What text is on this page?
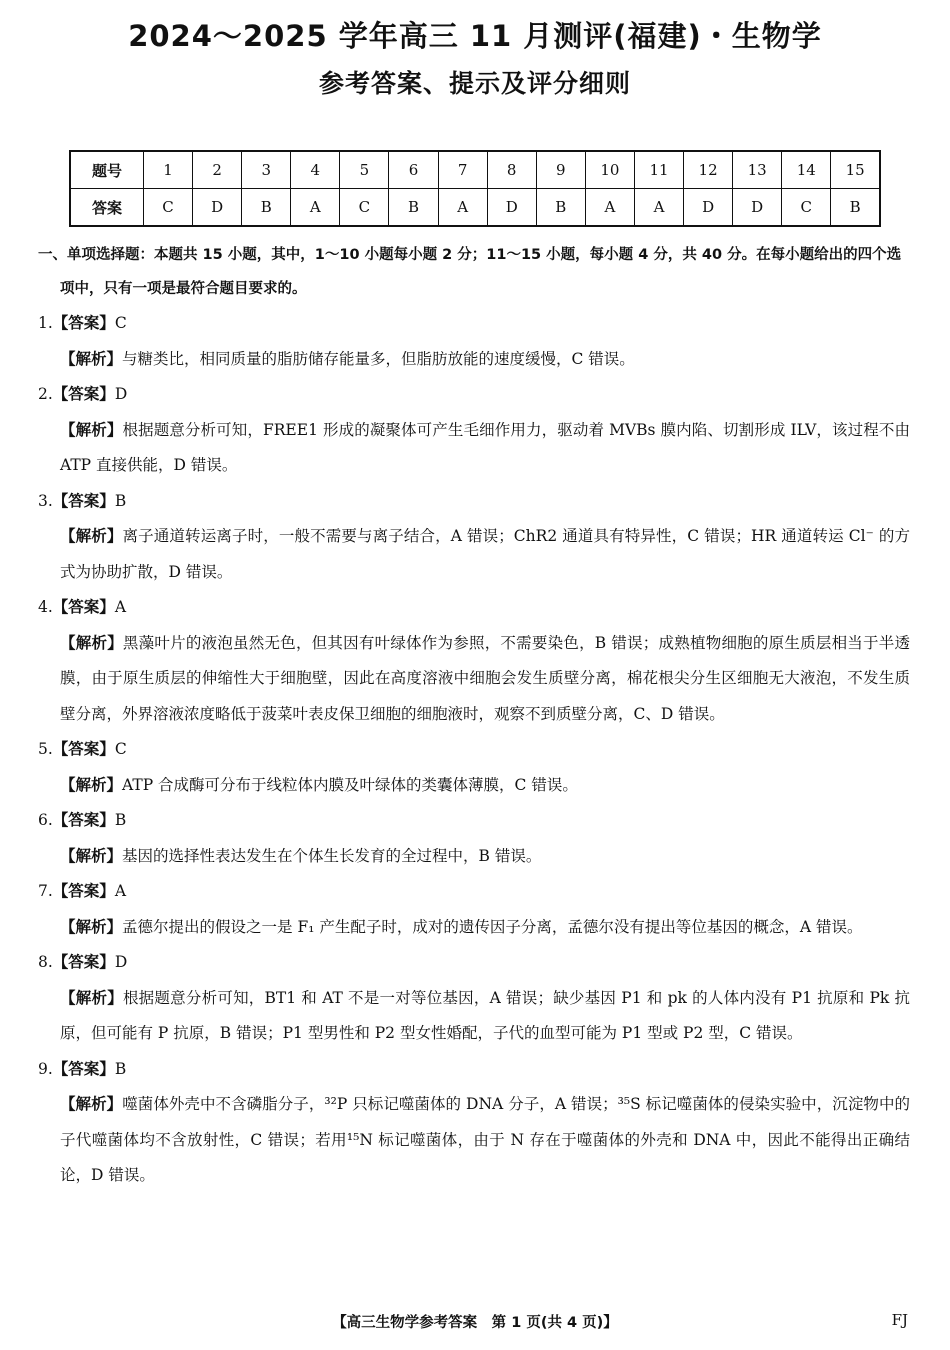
2024～2025 学年高三 11 月测评(福建)・生物学
参考答案、提示及评分细则
题号	1	2	3	4	5	6	7	8	9	10	11	12	13	14	15
答案	C	D	B	A	C	B	A	D	B	A	A	D	D	C	B
一、单项选择题：本题共 15 小题，其中，1～10 小题每小题 2 分；11～15 小题，每小题 4 分，共 40 分。在每小题给出的四个选项中，只有一项是最符合题目要求的。
1.【答案】C
【解析】与糖类比，相同质量的脂肪储存能量多，但脂肪放能的速度缓慢，C 错误。
2.【答案】D
【解析】根据题意分析可知，FREE1 形成的凝聚体可产生毛细作用力，驱动着 MVBs 膜内陷、切割形成 ILV，该过程不由 ATP 直接供能，D 错误。
3.【答案】B
【解析】离子通道转运离子时，一般不需要与离子结合，A 错误；ChR2 通道具有特异性，C 错误；HR 通道转运 Cl⁻ 的方式为协助扩散，D 错误。
4.【答案】A
【解析】黑藻叶片的液泡虽然无色，但其因有叶绿体作为参照，不需要染色，B 错误；成熟植物细胞的原生质层相当于半透膜，由于原生质层的伸缩性大于细胞壁，因此在高度溶液中细胞会发生质壁分离，棉花根尖分生区细胞无大液泡，不发生质壁分离，外界溶液浓度略低于菠菜叶表皮保卫细胞的细胞液时，观察不到质壁分离，C、D 错误。
5.【答案】C
【解析】ATP 合成酶可分布于线粒体内膜及叶绿体的类囊体薄膜，C 错误。
6.【答案】B
【解析】基因的选择性表达发生在个体生长发育的全过程中，B 错误。
7.【答案】A
【解析】孟德尔提出的假设之一是 F₁ 产生配子时，成对的遗传因子分离，孟德尔没有提出等位基因的概念，A 错误。
8.【答案】D
【解析】根据题意分析可知，BT1 和 AT 不是一对等位基因，A 错误；缺少基因 P1 和 pk 的人体内没有 P1 抗原和 Pk 抗原，但可能有 P 抗原，B 错误；P1 型男性和 P2 型女性婚配，子代的血型可能为 P1 型或 P2 型，C 错误。
9.【答案】B
【解析】噬菌体外壳中不含磷脂分子，³²P 只标记噬菌体的 DNA 分子，A 错误；³⁵S 标记噬菌体的侵染实验中，沉淀物中的子代噬菌体均不含放射性，C 错误；若用¹⁵N 标记噬菌体，由于 N 存在于噬菌体的外壳和 DNA 中，因此不能得出正确结论，D 错误。
【高三生物学参考答案　第 1 页(共 4 页)】	FJ
